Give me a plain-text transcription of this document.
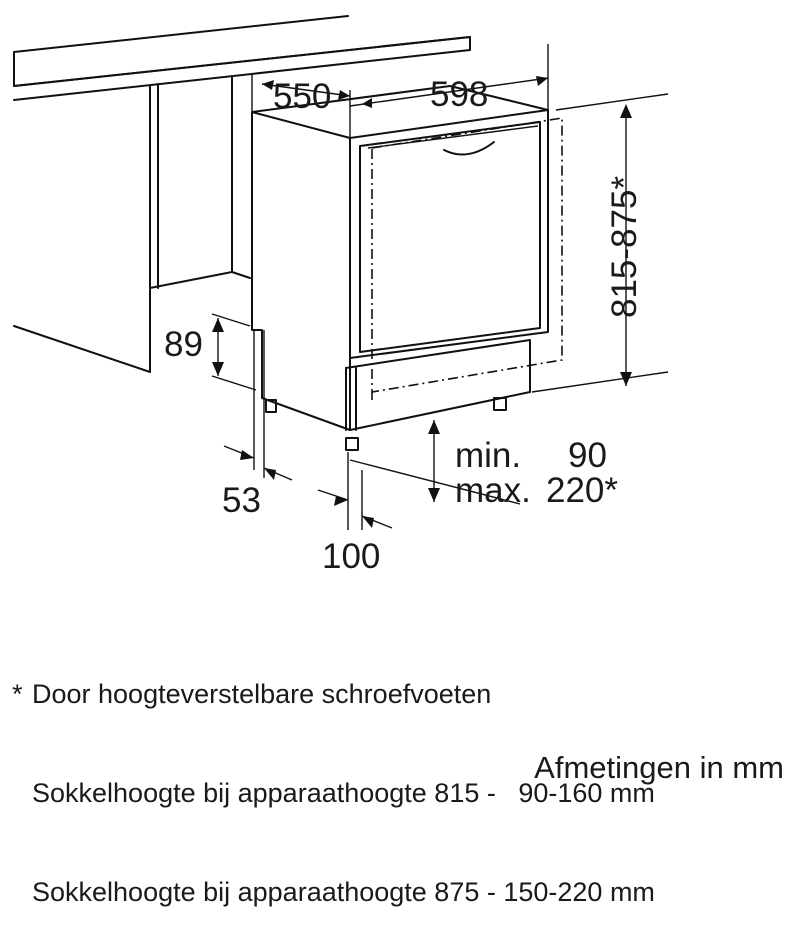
550	598
815-875*
89
53
100
min. 90
max. 220*

* Door hoogteverstelbare schroefvoeten

Sokkelhoogte bij apparaathoogte 815 -   90-160 mm

Sokkelhoogte bij apparaathoogte 875 - 150-220 mm

Afmetingen in mm
